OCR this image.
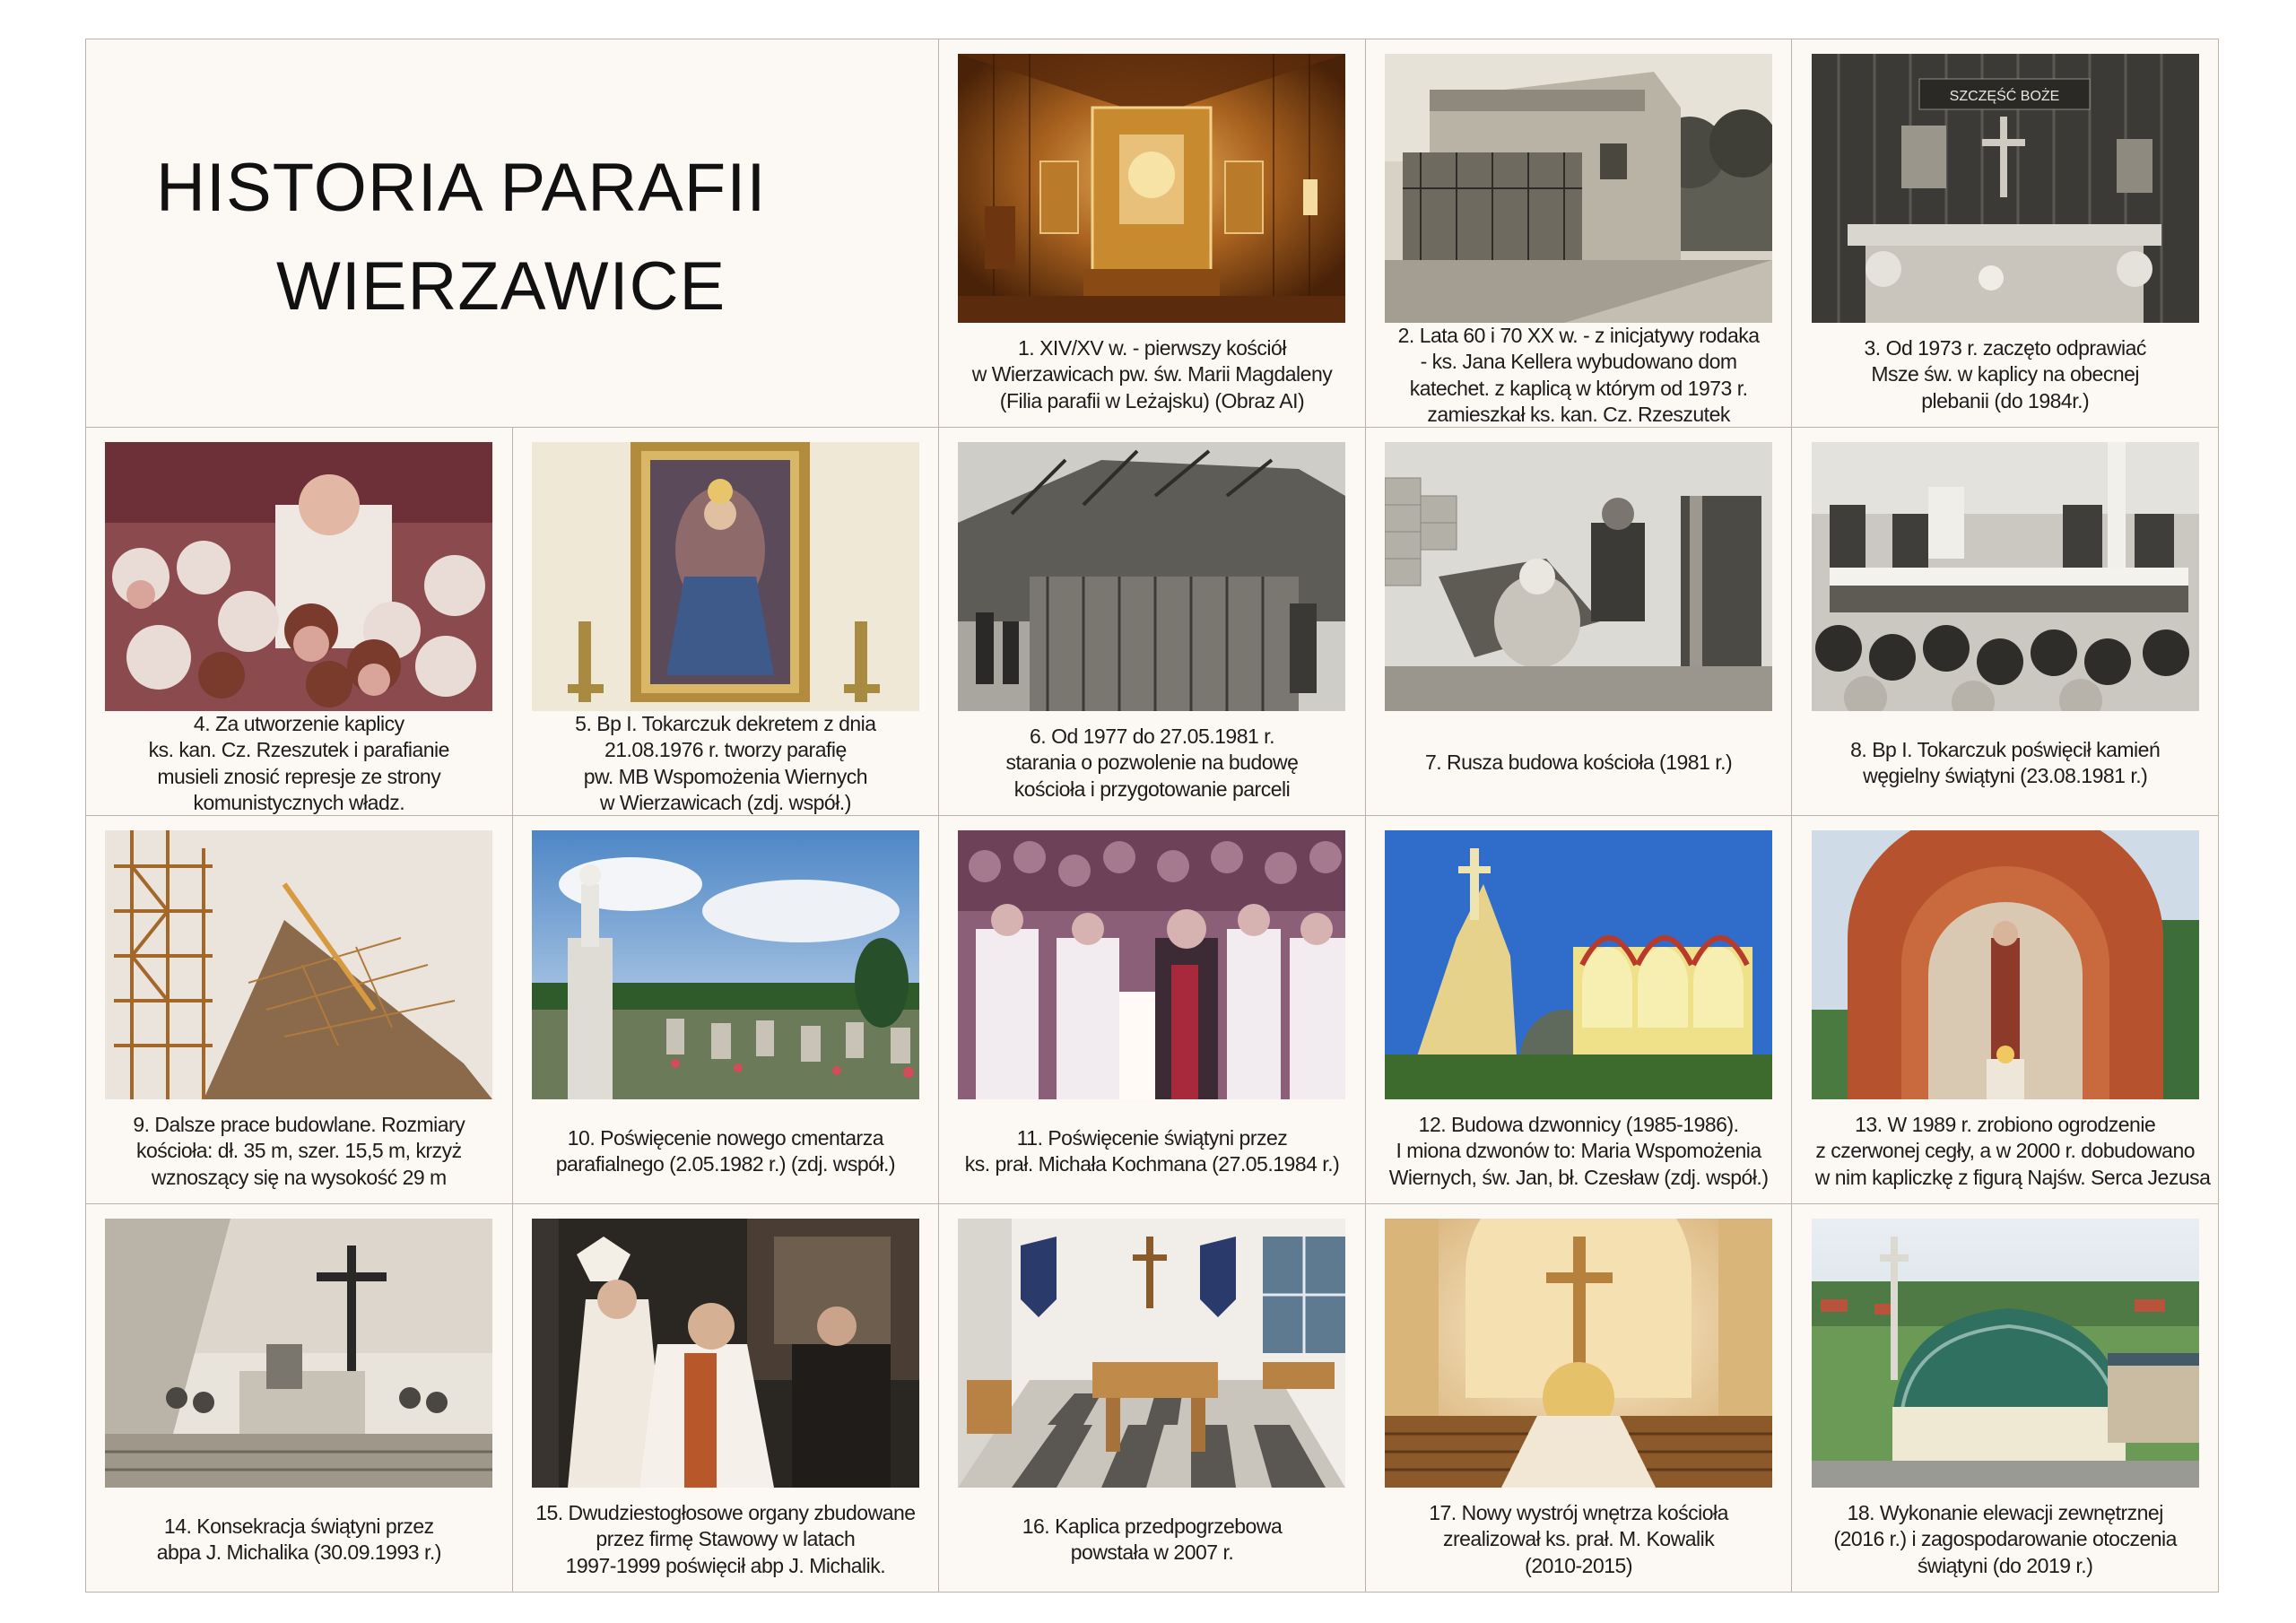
HISTORIA PARAFII
WIERZAWICE
1. XIV/XV w. - pierwszy kościół
w Wierzawicach pw. św. Marii Magdaleny
(Filia parafii w Leżajsku) (Obraz AI)
2. Lata 60 i 70 XX w. - z inicjatywy rodaka
- ks. Jana Kellera wybudowano dom
katechet. z kaplicą w którym od 1973 r.
zamieszkał ks. kan. Cz. Rzeszutek
SZCZĘŚĆ BOŻE
3. Od 1973 r. zaczęto odprawiać
Msze św. w kaplicy na obecnej
plebanii (do 1984r.)
4. Za utworzenie kaplicy
ks. kan. Cz. Rzeszutek i parafianie
musieli znosić represje ze strony
komunistycznych władz.
5. Bp I. Tokarczuk dekretem z dnia
21.08.1976 r. tworzy parafię
pw. MB Wspomożenia Wiernych
w Wierzawicach (zdj. współ.)
6. Od 1977 do 27.05.1981 r.
starania o pozwolenie na budowę
kościoła i przygotowanie parceli
7. Rusza budowa kościoła (1981 r.)
8. Bp I. Tokarczuk poświęcił kamień
węgielny świątyni (23.08.1981 r.)
9. Dalsze prace budowlane. Rozmiary
kościoła: dł. 35 m, szer. 15,5 m, krzyż
wznoszący się na wysokość 29 m
10. Poświęcenie nowego cmentarza
parafialnego (2.05.1982 r.) (zdj. współ.)
11. Poświęcenie świątyni przez
ks. prał. Michała Kochmana (27.05.1984 r.)
12. Budowa dzwonnicy (1985-1986).
I miona dzwonów to: Maria Wspomożenia
Wiernych, św. Jan, bł. Czesław (zdj. współ.)
13. W 1989 r. zrobiono ogrodzenie
z czerwonej cegły, a w 2000 r. dobudowano
w nim kapliczkę z figurą Najśw. Serca Jezusa
14. Konsekracja świątyni przez
abpa J. Michalika (30.09.1993 r.)
15. Dwudziestogłosowe organy zbudowane
przez firmę Stawowy w latach
1997-1999 poświęcił abp J. Michalik.
16. Kaplica przedpogrzebowa
powstała w 2007 r.
17. Nowy wystrój wnętrza kościoła
zrealizował ks. prał. M. Kowalik
(2010-2015)
18. Wykonanie elewacji zewnętrznej
(2016 r.) i zagospodarowanie otoczenia
świątyni (do 2019 r.)
